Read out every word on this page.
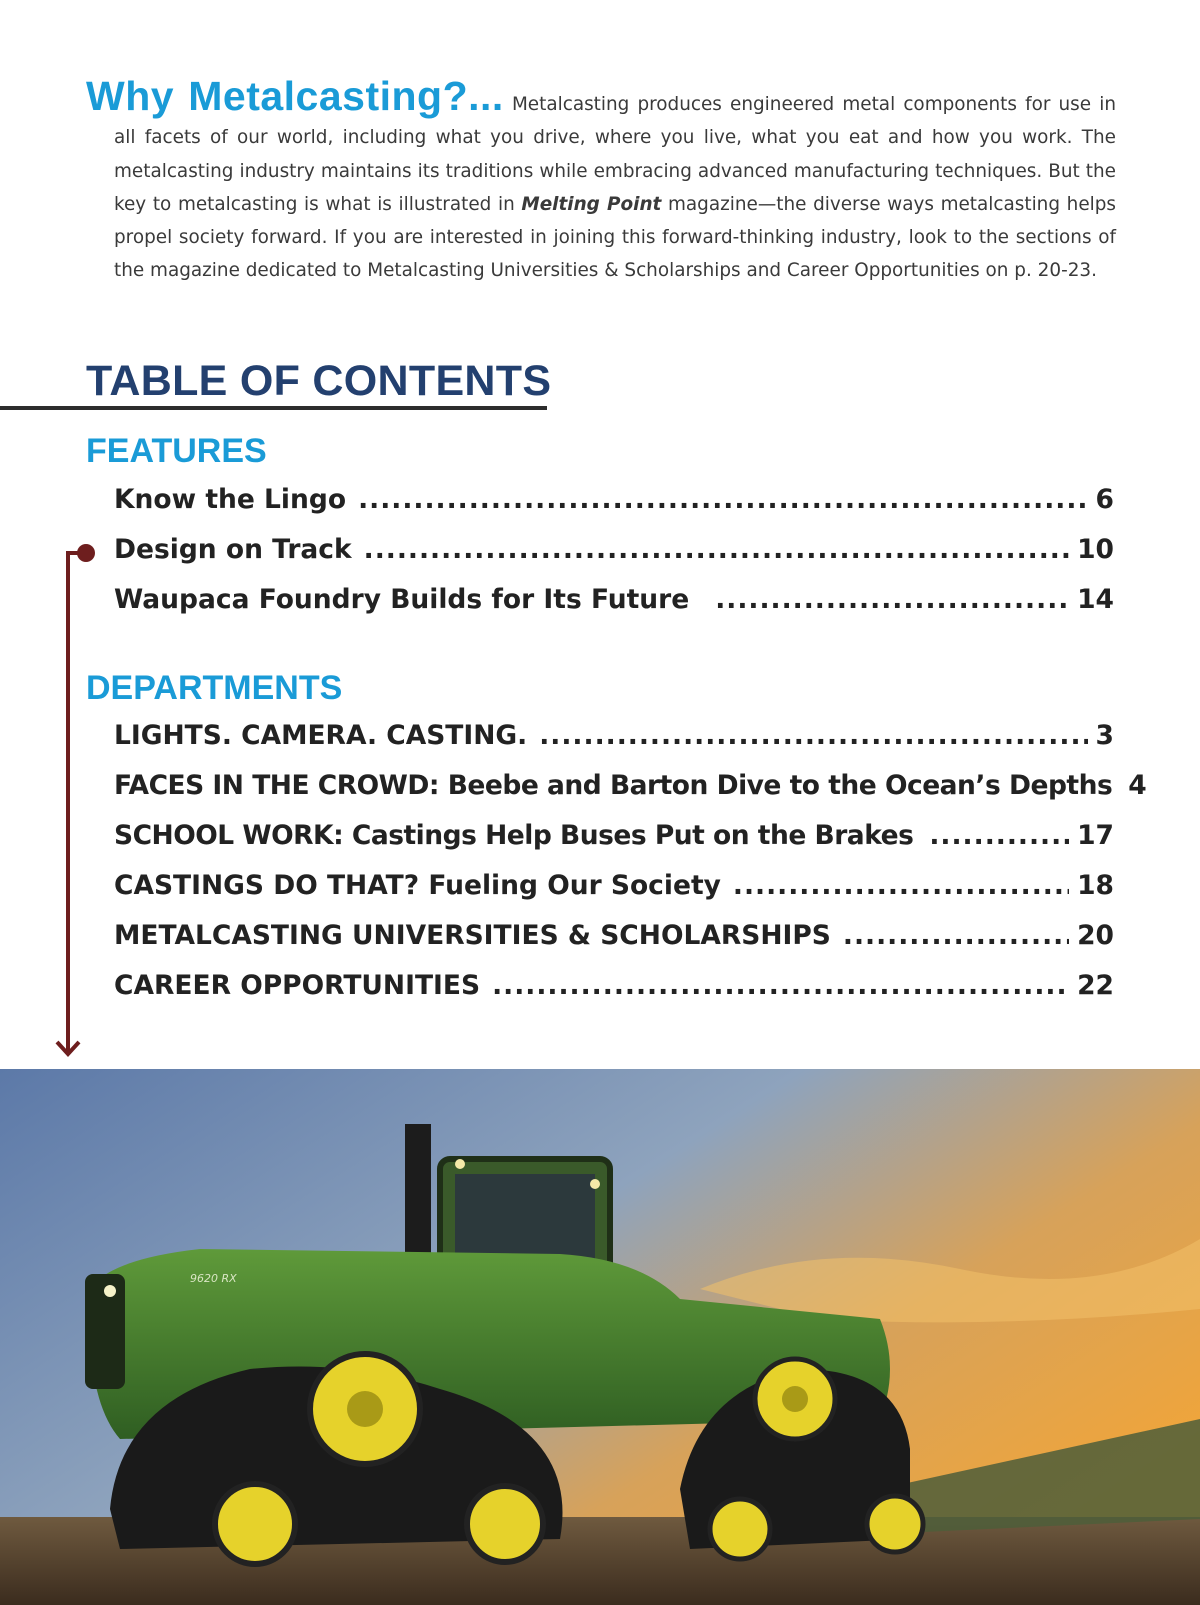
Why Metalcasting?... Metalcasting produces engineered metal components for use in all facets of our world, including what you drive, where you live, what you eat and how you work. The metalcasting industry maintains its traditions while embracing advanced manufacturing techniques. But the key to metalcasting is what is illustrated in Melting Point magazine—the diverse ways metalcasting helps propel society forward. If you are interested in joining this forward-thinking industry, look to the sections of the magazine dedicated to Metalcasting Universities & Scholarships and Career Opportunities on p. 20-23.
TABLE OF CONTENTS
FEATURES
Know the Lingo .....	6
Design on Track .....	10
Waupaca Foundry Builds for Its Future .....	14
DEPARTMENTS
LIGHTS. CAMERA. CASTING. .....	3
FACES IN THE CROWD: Beebe and Barton Dive to the Ocean’s Depths 4
SCHOOL WORK: Castings Help Buses Put on the Brakes .....	17
CASTINGS DO THAT? Fueling Our Society .....	18
METALCASTING UNIVERSITIES & SCHOLARSHIPS .....	20
CAREER OPPORTUNITIES .....	22
9620 RX
